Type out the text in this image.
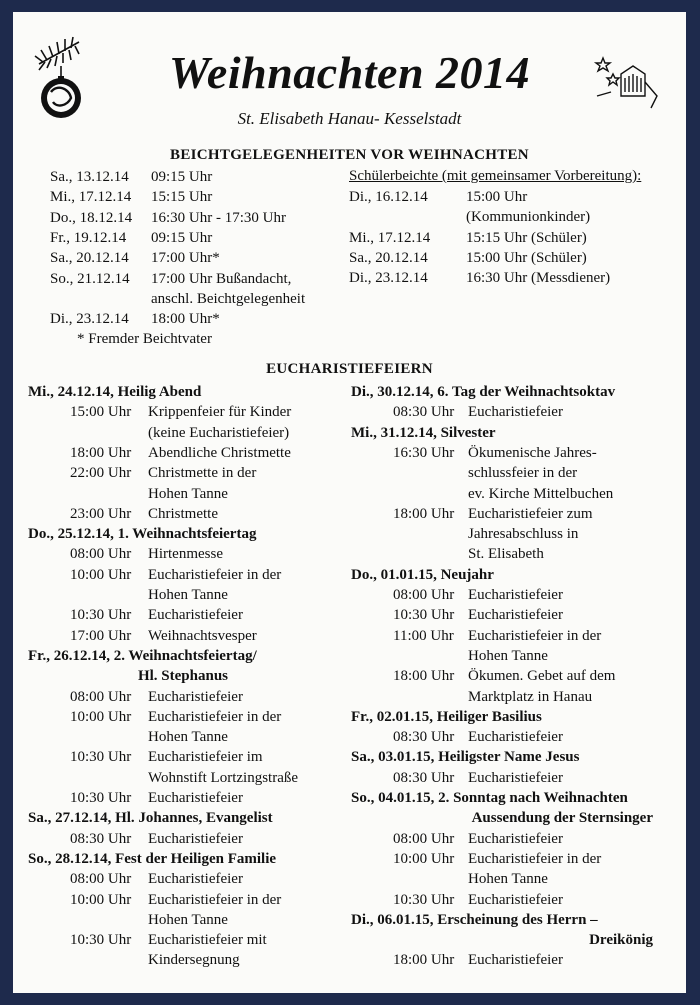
Weihnachten 2014
St. Elisabeth Hanau- Kesselstadt
BEICHTGELEGENHEITEN VOR WEIHNACHTEN
Schülerbeichte (mit gemeinsamer Vorbereitung):
Sa., 13.12.14 09:15 Uhr
Mi., 17.12.14 15:15 Uhr
Do., 18.12.14 16:30 Uhr - 17:30 Uhr
Fr., 19.12.14 09:15 Uhr
Sa., 20.12.14 17:00 Uhr*
So., 21.12.14 17:00 Uhr Bußandacht,
anschl. Beichtgelegenheit
Di., 23.12.14 18:00 Uhr*
Di., 16.12.14	15:00 Uhr
(Kommunionkinder)
Mi., 17.12.14 15:15 Uhr (Schüler)
Sa., 20.12.14	15:00 Uhr (Schüler)
Di., 23.12.14	16:30 Uhr (Messdiener)
* Fremder Beichtvater
EUCHARISTIEFEIERN
Mi., 24.12.14, Heilig Abend
15:00 Uhr Krippenfeier für Kinder
(keine Eucharistiefeier)
18:00 Uhr Abendliche Christmette
22:00 Uhr Christmette in der
Hohen Tanne
23:00 Uhr Christmette
Do., 25.12.14, 1. Weihnachtsfeiertag
08:00 Uhr Hirtenmesse
10:00 Uhr Eucharistiefeier in der
Hohen Tanne
10:30 Uhr Eucharistiefeier
17:00 Uhr Weihnachtsvesper
Fr., 26.12.14, 2. Weihnachtsfeiertag/
Hl. Stephanus
08:00 Uhr Eucharistiefeier
10:00 Uhr Eucharistiefeier in der
Hohen Tanne
10:30 Uhr Eucharistiefeier im
Wohnstift Lortzingstraße
10:30 Uhr Eucharistiefeier
Sa., 27.12.14, Hl. Johannes, Evangelist
08:30 Uhr Eucharistiefeier
So., 28.12.14, Fest der Heiligen Familie
08:00 Uhr Eucharistiefeier
10:00 Uhr Eucharistiefeier in der
Hohen Tanne
10:30 Uhr Eucharistiefeier mit
Kindersegnung
Di., 30.12.14, 6. Tag der Weihnachtsoktav
08:30 Uhr Eucharistiefeier
Mi., 31.12.14, Silvester
16:30 Uhr Ökumenische Jahres-
schlussfeier in der
ev. Kirche Mittelbuchen
18:00 Uhr Eucharistiefeier zum
Jahresabschluss in
St. Elisabeth
Do., 01.01.15, Neujahr
08:00 Uhr Eucharistiefeier
10:30 Uhr Eucharistiefeier
11:00 Uhr Eucharistiefeier in der
Hohen Tanne
18:00 Uhr Ökumen. Gebet auf dem
Marktplatz in Hanau
Fr., 02.01.15, Heiliger Basilius
08:30 Uhr Eucharistiefeier
Sa., 03.01.15, Heiligster Name Jesus
08:30 Uhr Eucharistiefeier
So., 04.01.15, 2. Sonntag nach Weihnachten
Aussendung der Sternsinger
08:00 Uhr Eucharistiefeier
10:00 Uhr Eucharistiefeier in der
Hohen Tanne
10:30 Uhr Eucharistiefeier
Di., 06.01.15, Erscheinung des Herrn –
Dreikönig
18:00 Uhr Eucharistiefeier
